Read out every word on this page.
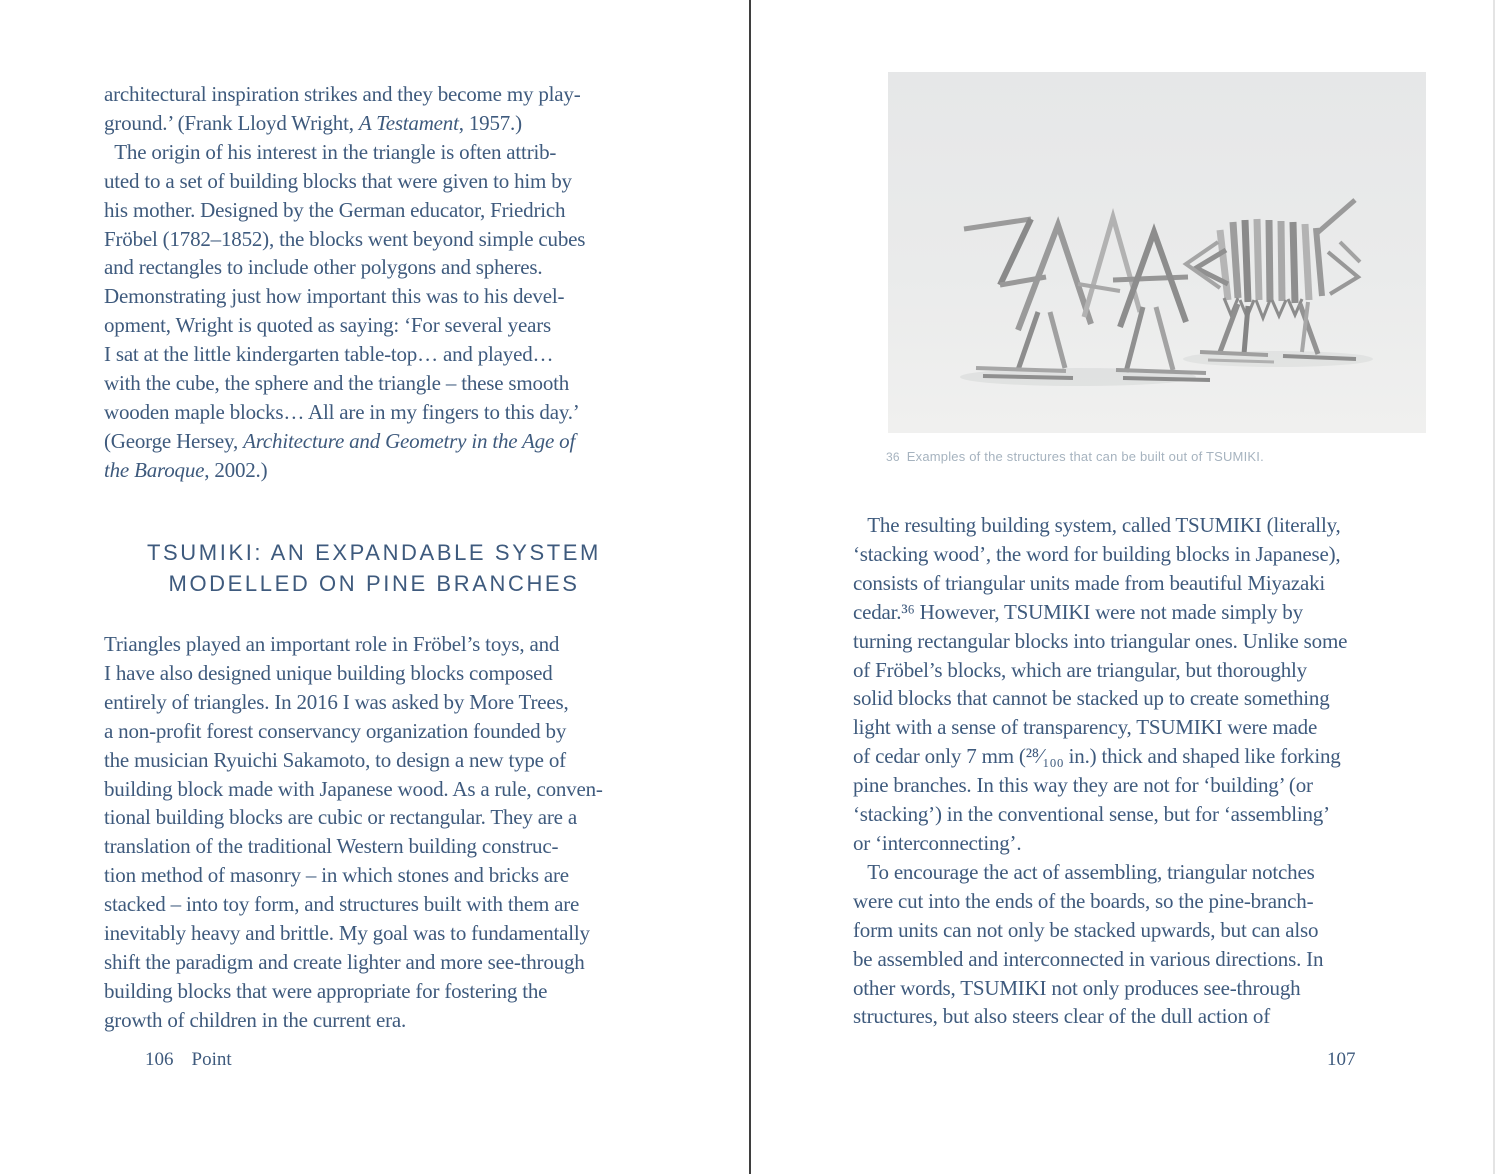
architectural inspiration strikes and they become my play-
ground.’ (Frank Lloyd Wright, A Testament, 1957.)
 The origin of his interest in the triangle is often attrib-
uted to a set of building blocks that were given to him by
his mother. Designed by the German educator, Friedrich
Fröbel (1782–1852), the blocks went beyond simple cubes
and rectangles to include other polygons and spheres.
Demonstrating just how important this was to his devel-
opment, Wright is quoted as saying: ‘For several years
I sat at the little kindergarten table-top… and played…
with the cube, the sphere and the triangle – these smooth
wooden maple blocks… All are in my fingers to this day.’
(George Hersey, Architecture and Geometry in the Age of
the Baroque, 2002.)
TSUMIKI: AN EXPANDABLE SYSTEM
MODELLED ON PINE BRANCHES
Triangles played an important role in Fröbel’s toys, and
I have also designed unique building blocks composed
entirely of triangles. In 2016 I was asked by More Trees,
a non-profit forest conservancy organization founded by
the musician Ryuichi Sakamoto, to design a new type of
building block made with Japanese wood. As a rule, conven-
tional building blocks are cubic or rectangular. They are a
translation of the traditional Western building construc-
tion method of masonry – in which stones and bricks are
stacked – into toy form, and structures built with them are
inevitably heavy and brittle. My goal was to fundamentally
shift the paradigm and create lighter and more see-through
building blocks that were appropriate for fostering the
growth of children in the current era.
106 Point
36 Examples of the structures that can be built out of TSUMIKI.
  The resulting building system, called TSUMIKI (literally,
‘stacking wood’, the word for building blocks in Japanese),
consists of triangular units made from beautiful Miyazaki
cedar.³⁶ However, TSUMIKI were not made simply by
turning rectangular blocks into triangular ones. Unlike some
of Fröbel’s blocks, which are triangular, but thoroughly
solid blocks that cannot be stacked up to create something
light with a sense of transparency, TSUMIKI were made
of cedar only 7 mm (²⁸⁄₁₀₀ in.) thick and shaped like forking
pine branches. In this way they are not for ‘building’ (or
‘stacking’) in the conventional sense, but for ‘assembling’
or ‘interconnecting’.
  To encourage the act of assembling, triangular notches
were cut into the ends of the boards, so the pine-branch-
form units can not only be stacked upwards, but can also
be assembled and interconnected in various directions. In
other words, TSUMIKI not only produces see-through
structures, but also steers clear of the dull action of
107
